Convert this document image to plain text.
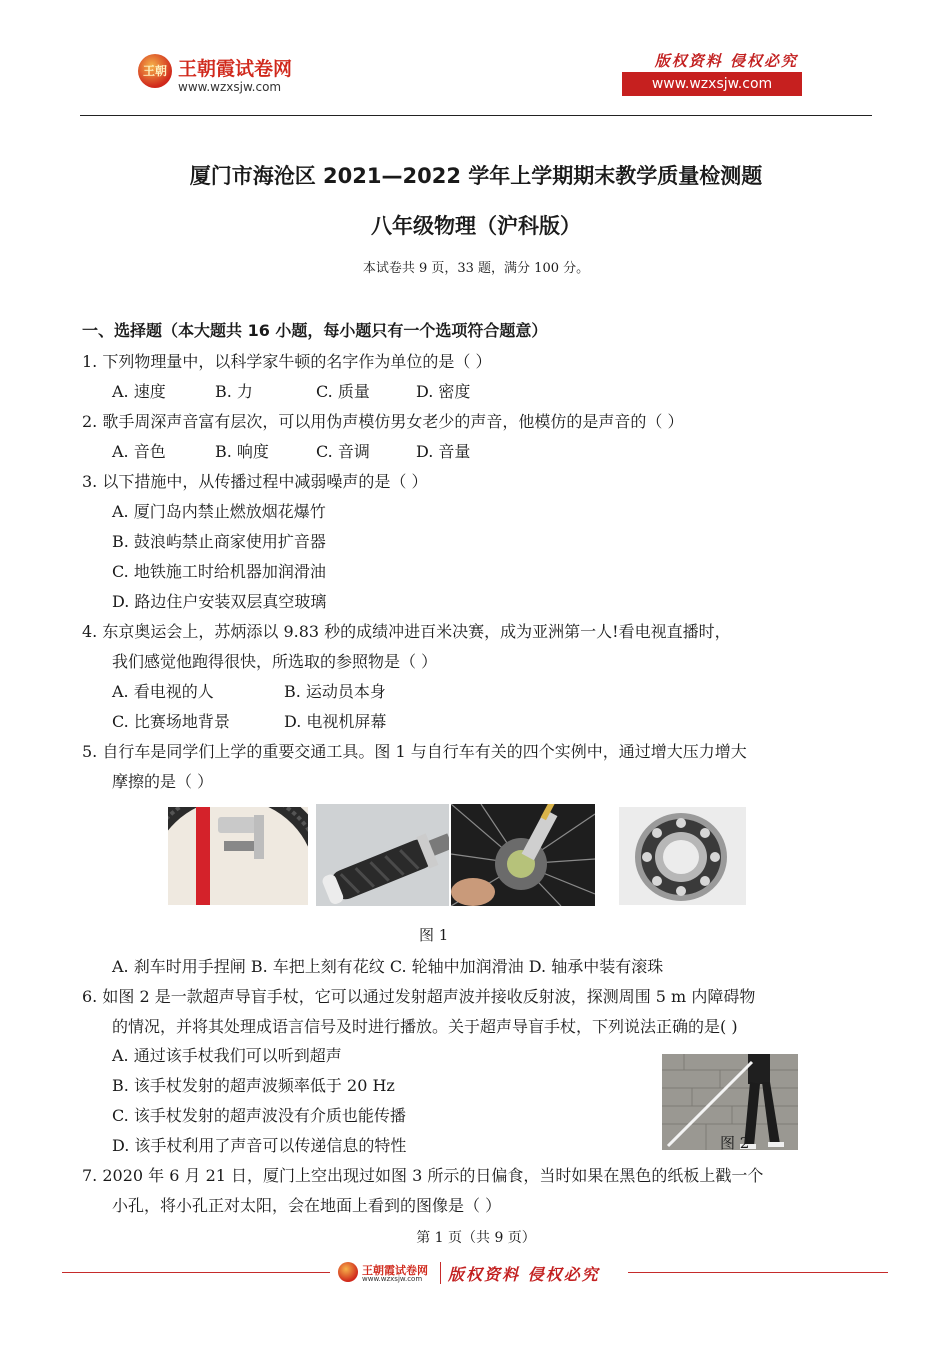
王朝 王朝霞试卷网
www.wzxsjw.com
版权资料 侵权必究
www.wzxsjw.com
厦门市海沧区 2021—2022 学年上学期期末教学质量检测题
八年级物理（沪科版）
本试卷共 9 页，33 题，满分 100 分。
一、选择题（本大题共 16 小题，每小题只有一个选项符合题意）
1. 下列物理量中，以科学家牛顿的名字作为单位的是（ ）
A. 速度	B. 力	C. 质量	D. 密度
2. 歌手周深声音富有层次，可以用伪声模仿男女老少的声音，他模仿的是声音的（ ）
A. 音色	B. 响度	C. 音调	D. 音量
3. 以下措施中，从传播过程中减弱噪声的是（ ）
A. 厦门岛内禁止燃放烟花爆竹
B. 鼓浪屿禁止商家使用扩音器
C. 地铁施工时给机器加润滑油
D. 路边住户安装双层真空玻璃
4. 东京奥运会上，苏炳添以 9.83 秒的成绩冲进百米决赛，成为亚洲第一人!看电视直播时，
我们感觉他跑得很快，所选取的参照物是（ ）
A. 看电视的人	B. 运动员本身
C. 比赛场地背景	D. 电视机屏幕
5. 自行车是同学们上学的重要交通工具。图 1 与自行车有关的四个实例中，通过增大压力增大
摩擦的是（ ）
图 1
A. 刹车时用手捏闸 B. 车把上刻有花纹 C. 轮轴中加润滑油 D. 轴承中装有滚珠
6. 如图 2 是一款超声导盲手杖，它可以通过发射超声波并接收反射波，探测周围 5 m 内障碍物
的情况，并将其处理成语言信号及时进行播放。关于超声导盲手杖，下列说法正确的是( )
A. 通过该手杖我们可以听到超声
B. 该手杖发射的超声波频率低于 20 Hz
C. 该手杖发射的超声波没有介质也能传播
D. 该手杖利用了声音可以传递信息的特性	图 2
7. 2020 年 6 月 21 日，厦门上空出现过如图 3 所示的日偏食，当时如果在黑色的纸板上戳一个
小孔，将小孔正对太阳，会在地面上看到的图像是（ ）
第 1 页（共 9 页）
王朝霞试卷网
www.wzxsjw.com 版权资料 侵权必究
